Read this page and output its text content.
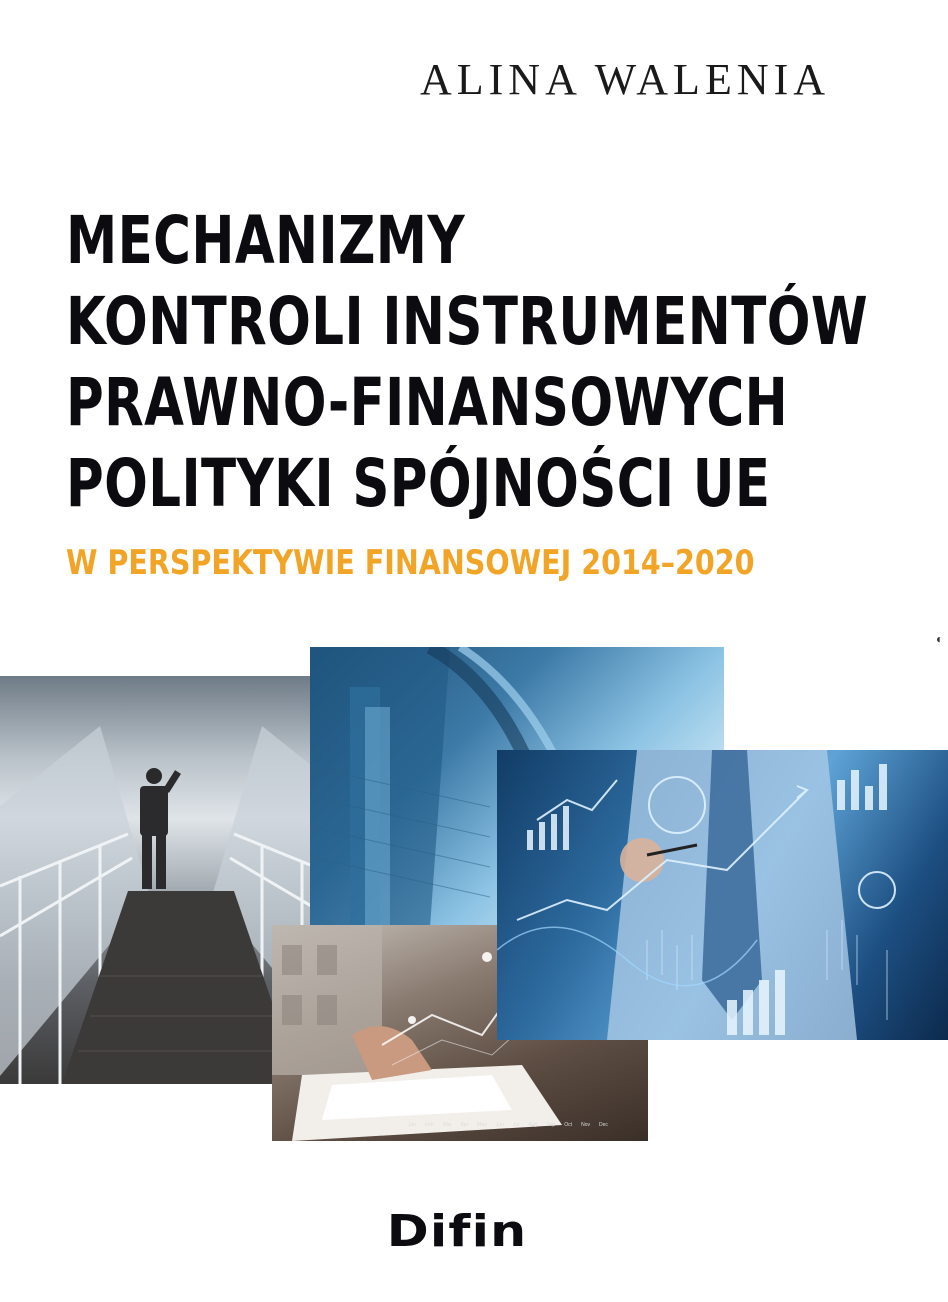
ALINA WALENIA
MECHANIZMY
KONTROLI INSTRUMENTÓW
PRAWNO-FINANSOWYCH
POLITYKI SPÓJNOŚCI UE
W PERSPEKTYWIE FINANSOWEJ 2014–2020
◐
Jan Feb Mar Apr May Jun Jul Aug Sep Oct Nov Dec
Difin
